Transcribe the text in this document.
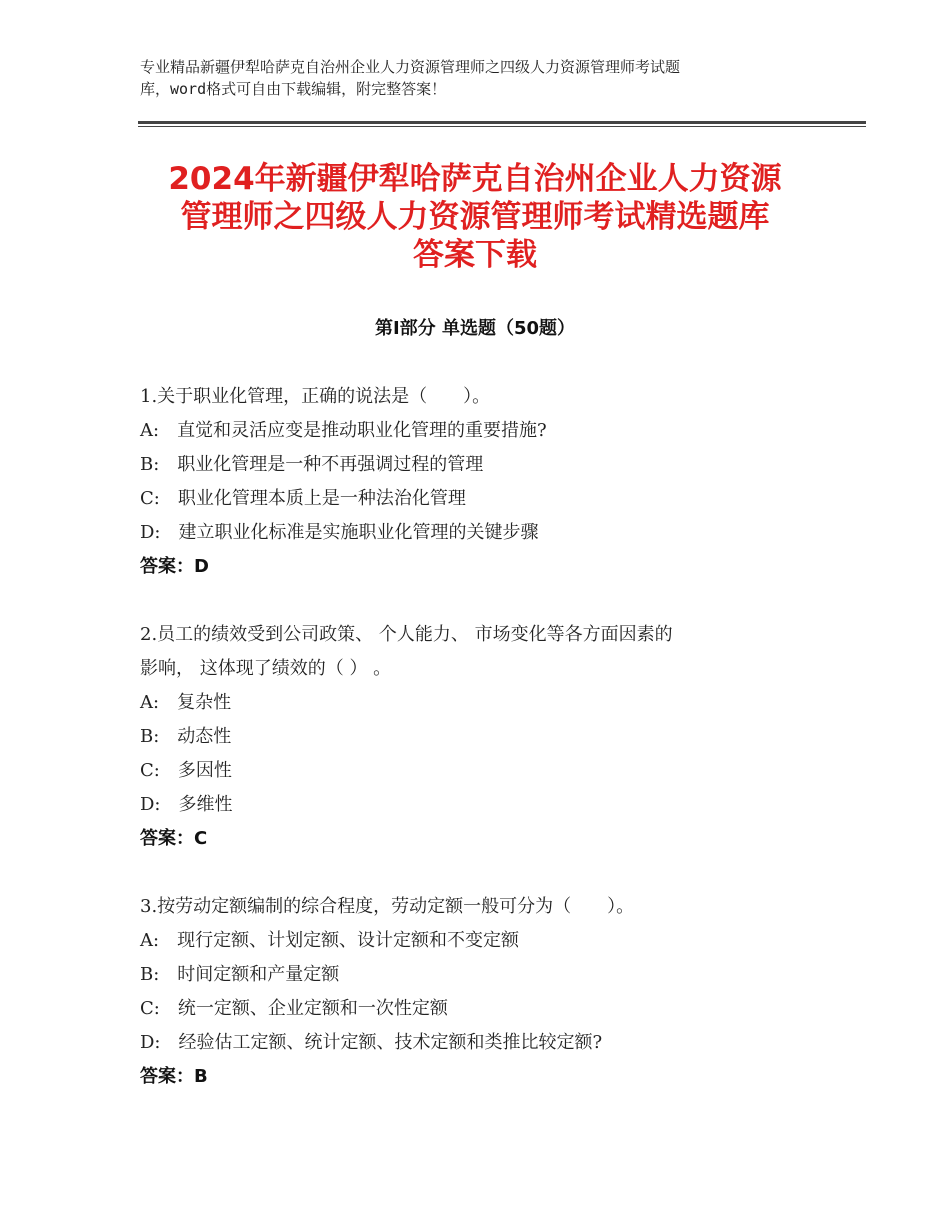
专业精品新疆伊犁哈萨克自治州企业人力资源管理师之四级人力资源管理师考试题
库，word格式可自由下载编辑，附完整答案！
2024年新疆伊犁哈萨克自治州企业人力资源
管理师之四级人力资源管理师考试精选题库
答案下载
第Ⅰ部分 单选题（50题）
1.关于职业化管理，正确的说法是（　　）。
A:　直觉和灵活应变是推动职业化管理的重要措施?
B:　职业化管理是一种不再强调过程的管理
C:　职业化管理本质上是一种法治化管理
D:　建立职业化标准是实施职业化管理的关键步骤
答案：D
2.员工的绩效受到公司政策、 个人能力、 市场变化等各方面因素的
影响， 这体现了绩效的（ ） 。
A:　复杂性
B:　动态性
C:　多因性
D:　多维性
答案：C
3.按劳动定额编制的综合程度，劳动定额一般可分为（　　）。
A:　现行定额、计划定额、设计定额和不变定额
B:　时间定额和产量定额
C:　统一定额、企业定额和一次性定额
D:　经验估工定额、统计定额、技术定额和类推比较定额?
答案：B
